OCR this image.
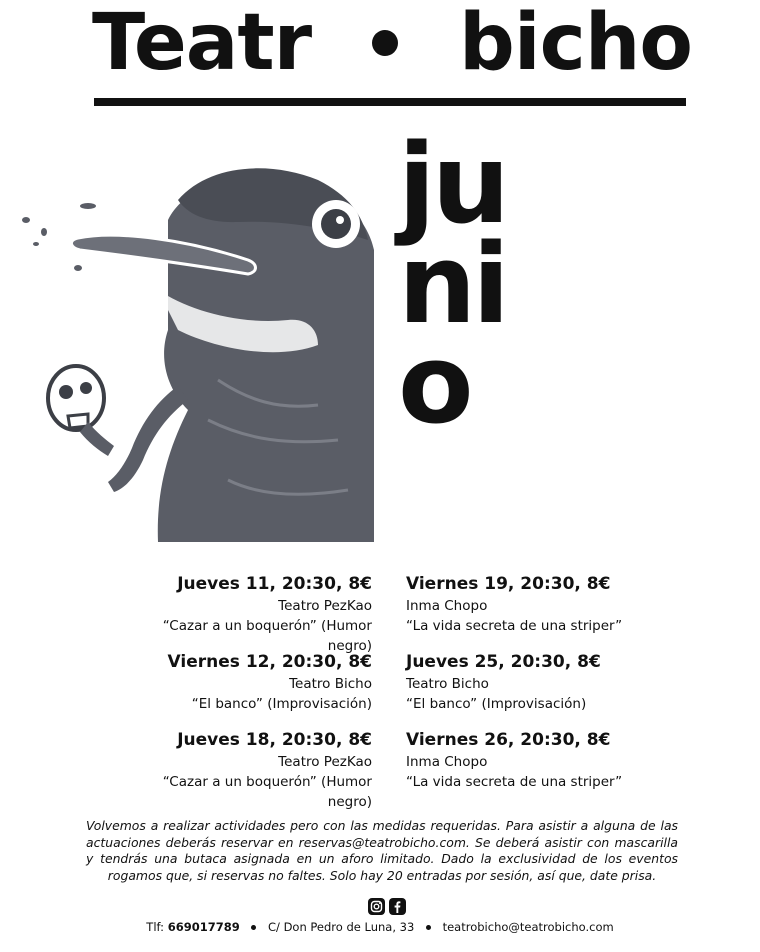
Teatr bicho
ju
ni
o
Jueves 11, 20:30, 8€
Teatro PezKao
“Cazar a un boquerón” (Humor negro)
Viernes 12, 20:30, 8€
Teatro Bicho
“El banco” (Improvisación)
Jueves 18, 20:30, 8€
Teatro PezKao
“Cazar a un boquerón” (Humor negro)
Viernes 19, 20:30, 8€
Inma Chopo
“La vida secreta de una striper”
Jueves 25, 20:30, 8€
Teatro Bicho
“El banco” (Improvisación)
Viernes 26, 20:30, 8€
Inma Chopo
“La vida secreta de una striper”
Volvemos a realizar actividades pero con las medidas requeridas. Para asistir a alguna de las actuaciones deberás reservar en reservas@teatrobicho.com. Se deberá asistir con mascarilla y tendrás una butaca asignada en un aforo limitado. Dado la exclusividad de los eventos rogamos que, si reservas no faltes. Solo hay 20 entradas por sesión, así que, date prisa.
Tlf: 669017789 C/ Don Pedro de Luna, 33 teatrobicho@teatrobicho.com
